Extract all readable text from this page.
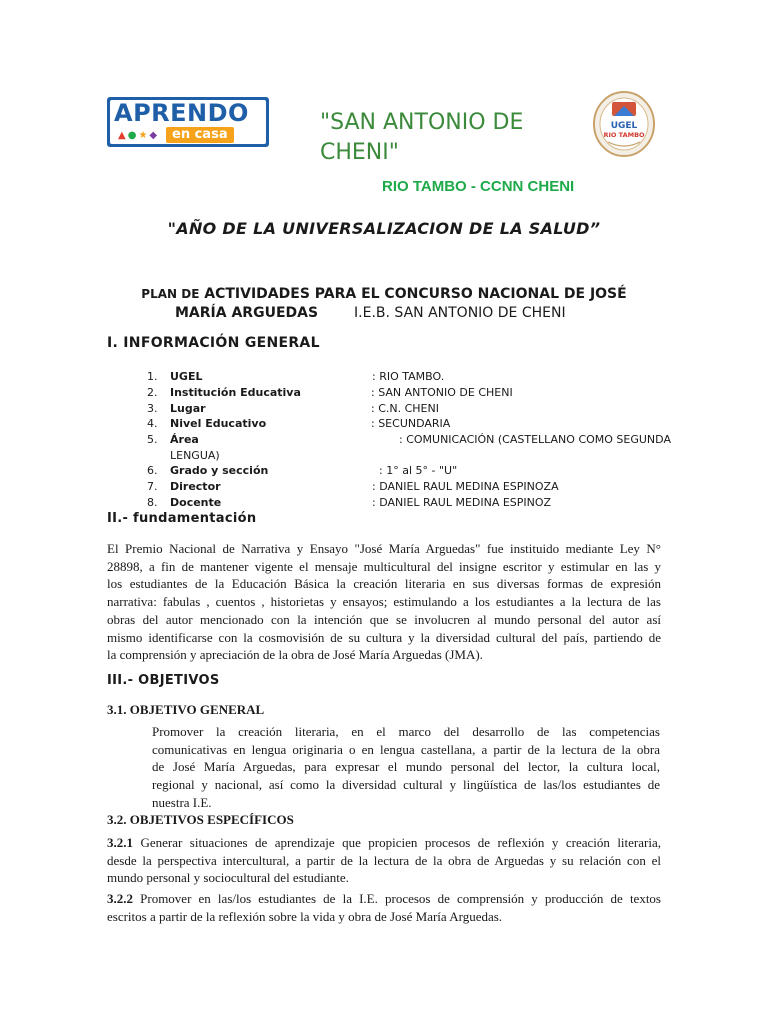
APRENDO
▲●★◆ en casa	"SAN ANTONIO DE CHENI"
RIO TAMBO - CCNN CHENI
UGEL
RIO TAMBO
"AÑO DE LA UNIVERSALIZACION DE LA SALUD”
PLAN DE ACTIVIDADES PARA EL CONCURSO NACIONAL DE JOSÉ
MARÍA ARGUEDAS	I.E.B. SAN ANTONIO DE CHENI
I. INFORMACIÓN GENERAL
1.	UGEL	: RIO TAMBO.
2.	Institución Educativa	: SAN ANTONIO DE CHENI
3.	Lugar	: C.N. CHENI
4.	Nivel Educativo	: SECUNDARIA
5.	Área	: COMUNICACIÓN (CASTELLANO COMO SEGUNDA
LENGUA)
6.	Grado y sección	: 1° al 5° - "U"
7.	Director	: DANIEL RAUL MEDINA ESPINOZA
8.	Docente	: DANIEL RAUL MEDINA ESPINOZ
II.- fundamentación
El Premio Nacional de Narrativa y Ensayo "José María Arguedas" fue instituido mediante Ley N°
28898, a fin de mantener vigente el mensaje multicultural del insigne escritor y estimular en las y
los estudiantes de la Educación Básica la creación literaria en sus diversas formas de expresión
narrativa: fabulas , cuentos , historietas y ensayos; estimulando a los estudiantes a la lectura de las
obras del autor mencionado con la intención que se involucren al mundo personal del autor así
mismo identificarse con la cosmovisión de su cultura y la diversidad cultural del país, partiendo de
la comprensión y apreciación de la obra de José María Arguedas (JMA).
III.- OBJETIVOS
3.1. OBJETIVO GENERAL
Promover la creación literaria, en el marco del desarrollo de las competencias
comunicativas en lengua originaria o en lengua castellana, a partir de la lectura de la obra
de José María Arguedas, para expresar el mundo personal del lector, la cultura local,
regional y nacional, así como la diversidad cultural y lingüística de las/los estudiantes de
nuestra I.E.
3.2. OBJETIVOS ESPECÍFICOS
3.2.1 Generar situaciones de aprendizaje que propicien procesos de reflexión y creación literaria,
desde la perspectiva intercultural, a partir de la lectura de la obra de Arguedas y su relación con el
mundo personal y sociocultural del estudiante.
3.2.2 Promover en las/los estudiantes de la I.E. procesos de comprensión y producción de textos
escritos a partir de la reflexión sobre la vida y obra de José María Arguedas.
